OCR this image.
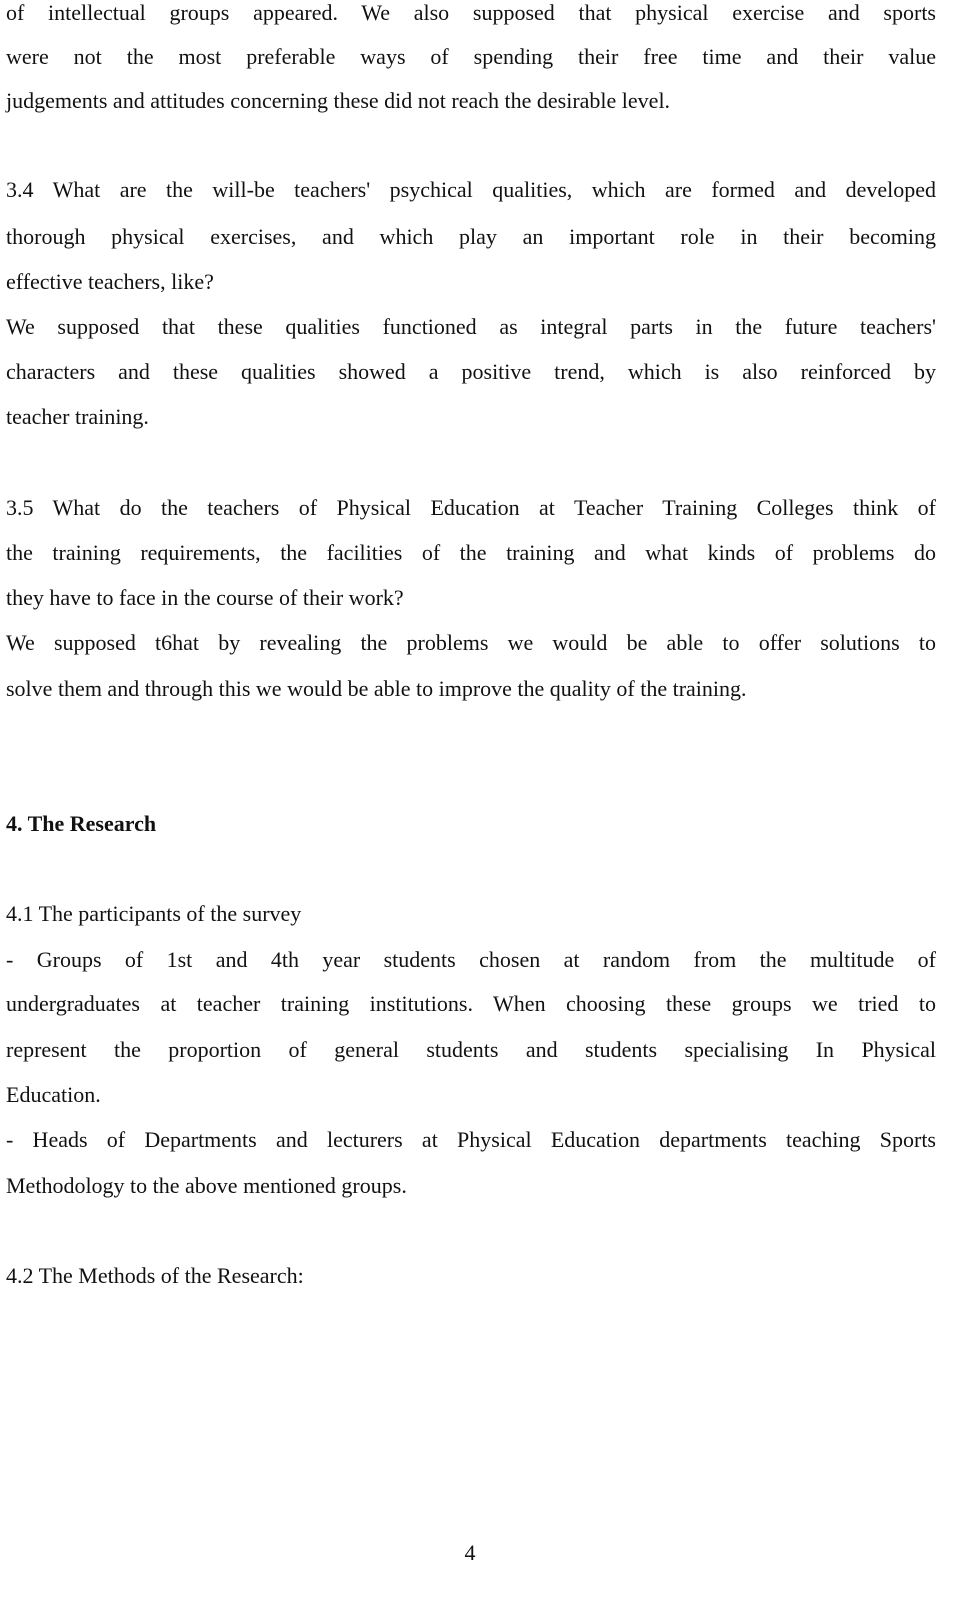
of intellectual groups appeared. We also supposed that physical exercise and sports

were not the most preferable ways of spending their free time and their value

judgements and attitudes concerning these did not reach the desirable level.

3.4 What are the will-be teachers' psychical qualities, which are formed and developed

thorough physical exercises, and which play an important role in their becoming

effective teachers, like?

We supposed that these qualities functioned as integral parts in the future teachers'

characters and these qualities showed a positive trend, which is also reinforced by

teacher training.

3.5 What do the teachers of Physical Education at Teacher Training Colleges think of

the training requirements, the facilities of the training and what kinds of problems do

they have to face in the course of their work?

We supposed t6hat by revealing the problems we would be able to offer solutions to

solve them and through this we would be able to improve the quality of the training.

4. The Research

4.1 The participants of the survey

- Groups of 1st and 4th year students chosen at random from the multitude of

undergraduates at teacher training institutions. When choosing these groups we tried to

represent the proportion of general students and students specialising In Physical

Education.

- Heads of Departments and lecturers at Physical Education departments teaching Sports

Methodology to the above mentioned groups.

4.2 The Methods of the Research:

4
